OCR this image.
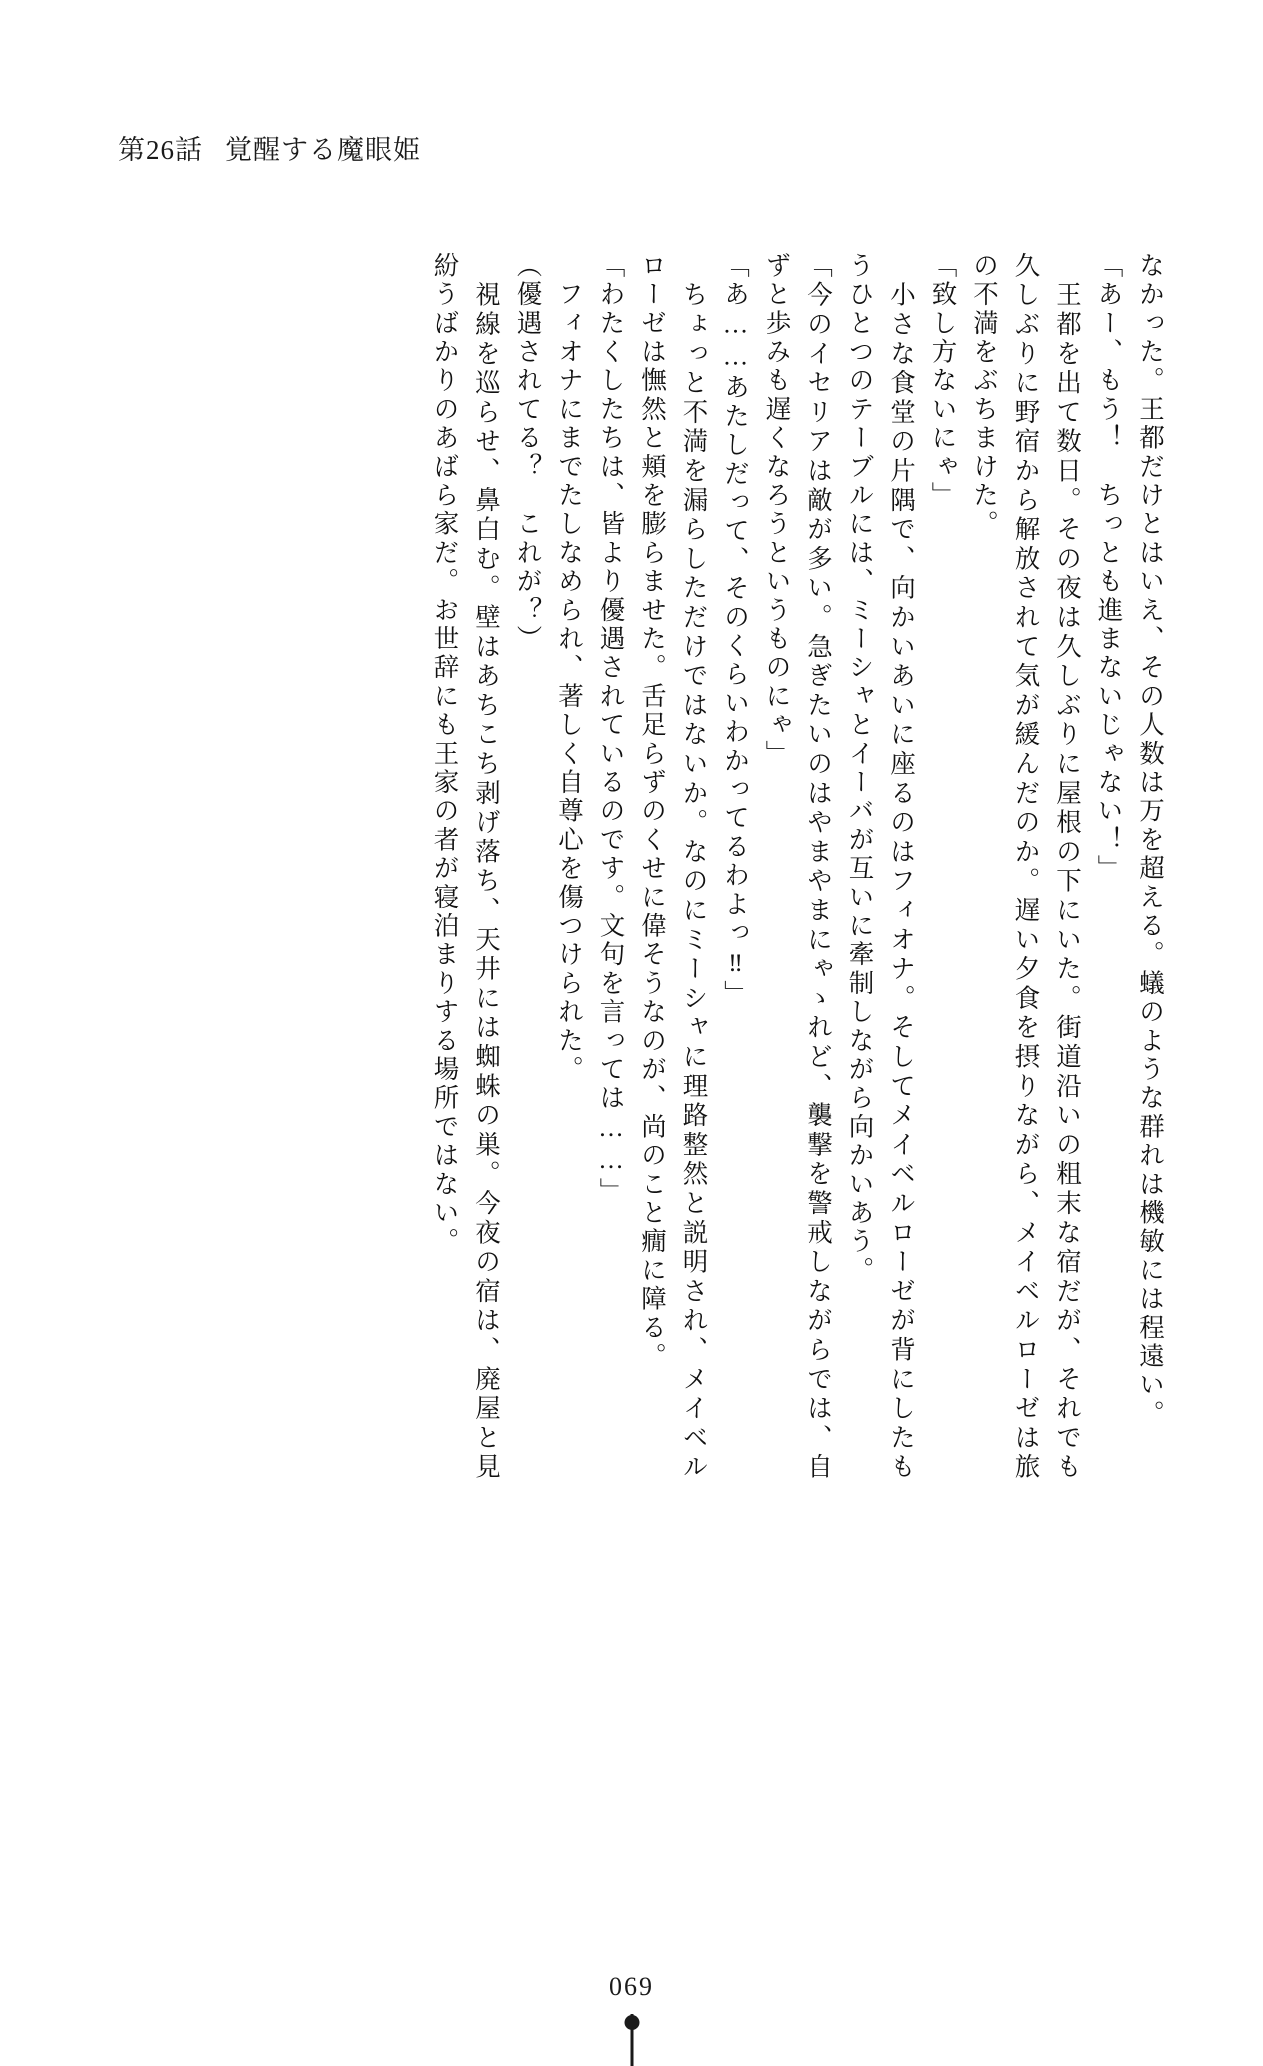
第26話 覚醒する魔眼姫

なかった。王都だけとはいえ、その人数は万を超える。蟻のような群れは機敏には程遠い。

「あー、もう！　ちっとも進まないじゃない！」

　王都を出て数日。その夜は久しぶりに屋根の下にいた。街道沿いの粗末な宿だが、それでも久しぶりに野宿から解放されて気が緩んだのか。遅い夕食を摂りながら、メイベルローゼは旅の不満をぶちまけた。

「致し方ないにゃ」

　小さな食堂の片隅で、向かいあいに座るのはフィオナ。そしてメイベルローゼが背にしたもうひとつのテーブルには、ミーシャとイーバが互いに牽制しながら向かいあう。

「今のイセリアは敵が多い。急ぎたいのはやまやまにゃゝれど、襲撃を警戒しながらでは、自ずと歩みも遅くなろうというものにゃ」

「あ……あたしだって、そのくらいわかってるわよっ‼」

　ちょっと不満を漏らしただけではないか。なのにミーシャに理路整然と説明され、メイベルローゼは憮然と頬を膨らませた。舌足らずのくせに偉そうなのが、尚のこと癇に障る。

「わたくしたちは、皆より優遇されているのです。文句を言っては……」

　フィオナにまでたしなめられ、著しく自尊心を傷つけられた。

（優遇されてる？　これが？）

　視線を巡らせ、鼻白む。壁はあちこち剥げ落ち、天井には蜘蛛の巣。今夜の宿は、廃屋と見紛うばかりのあばら家だ。お世辞にも王家の者が寝泊まりする場所ではない。

069
